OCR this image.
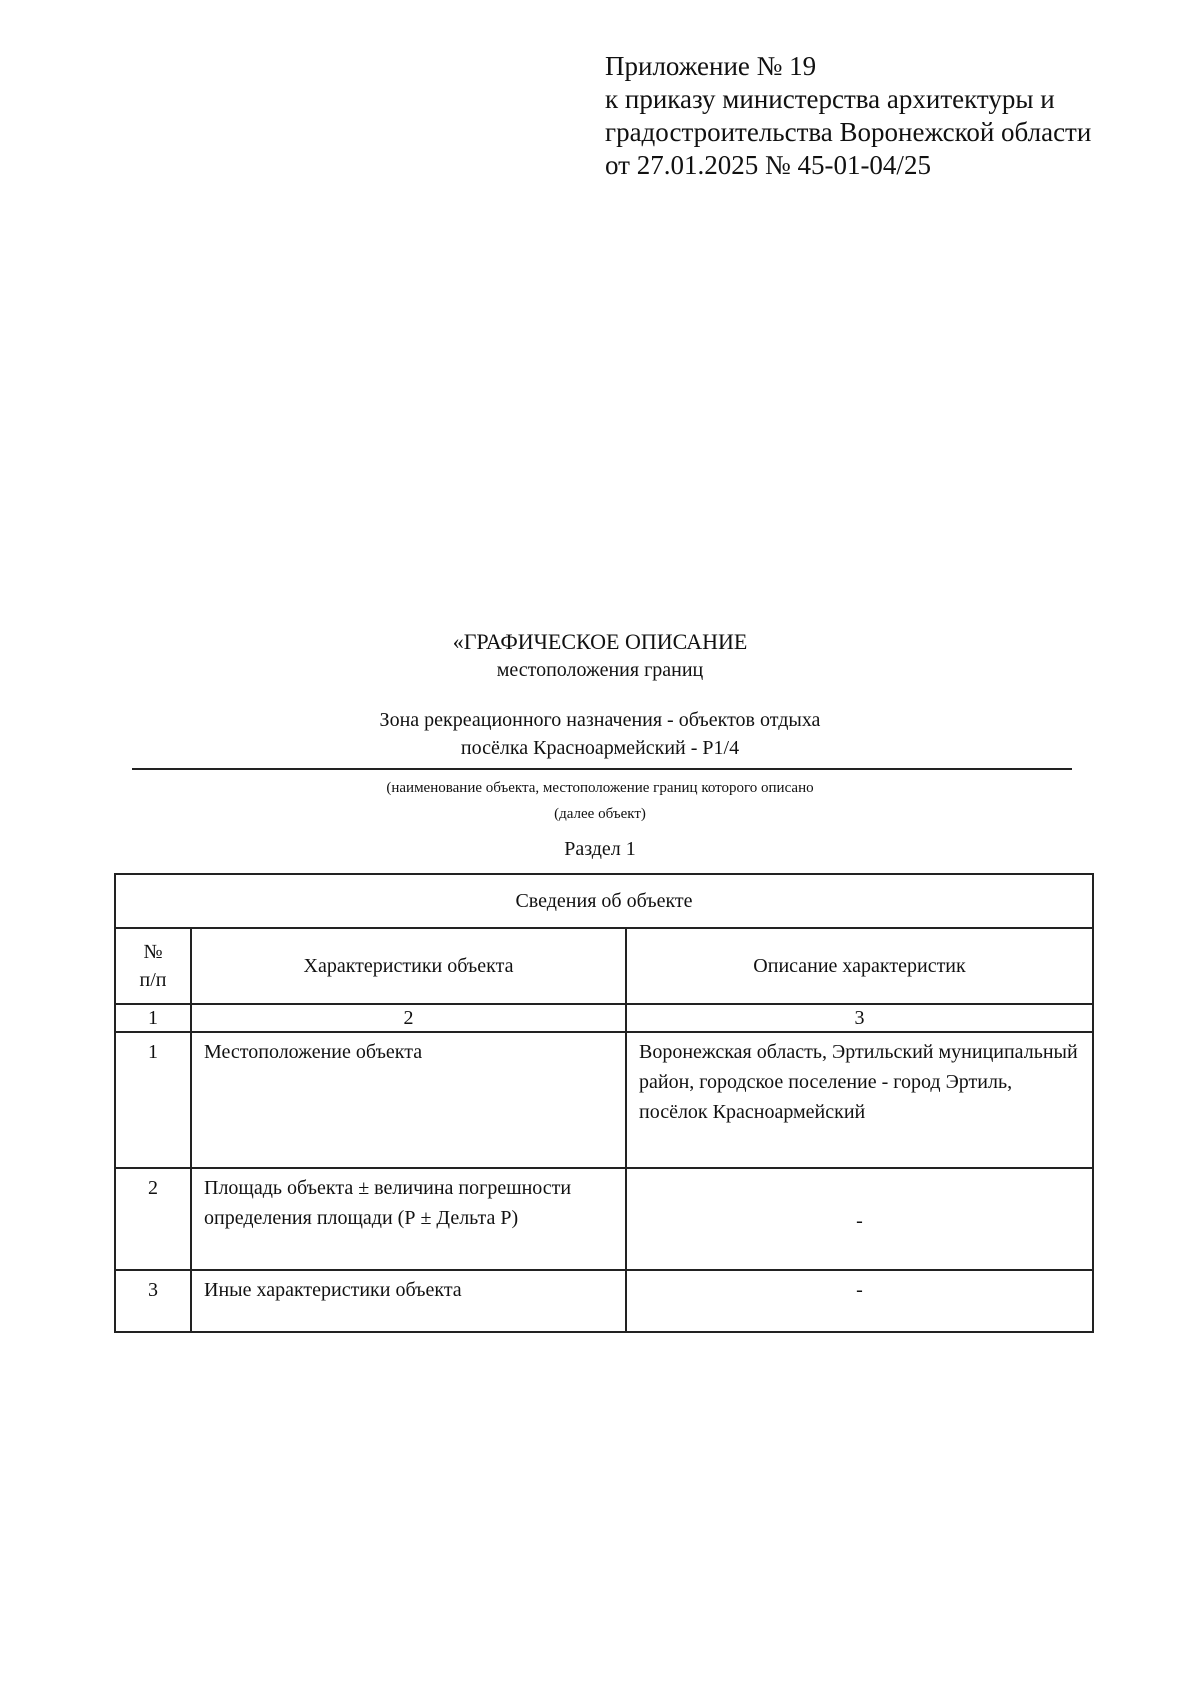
Приложение № 19
к приказу министерства архитектуры и
градостроительства Воронежской области
от 27.01.2025 № 45-01-04/25
«ГРАФИЧЕСКОЕ ОПИСАНИЕ
местоположения границ
Зона рекреационного назначения - объектов отдыха
посёлка Красноармейский - Р1/4
(наименование объекта, местоположение границ которого описано
(далее объект)
Раздел 1
Сведения об объекте		

№
п/п	Характеристики объекта	Описание характеристик
1	2	3
1	Местоположение объекта	Воронежская область, Эртильский муниципальный район, городское поселение - город Эртиль, посёлок Красноармейский
2	Площадь объекта ± величина погрешности определения площади (Р ± Дельта Р)	-
3	Иные характеристики объекта	-
